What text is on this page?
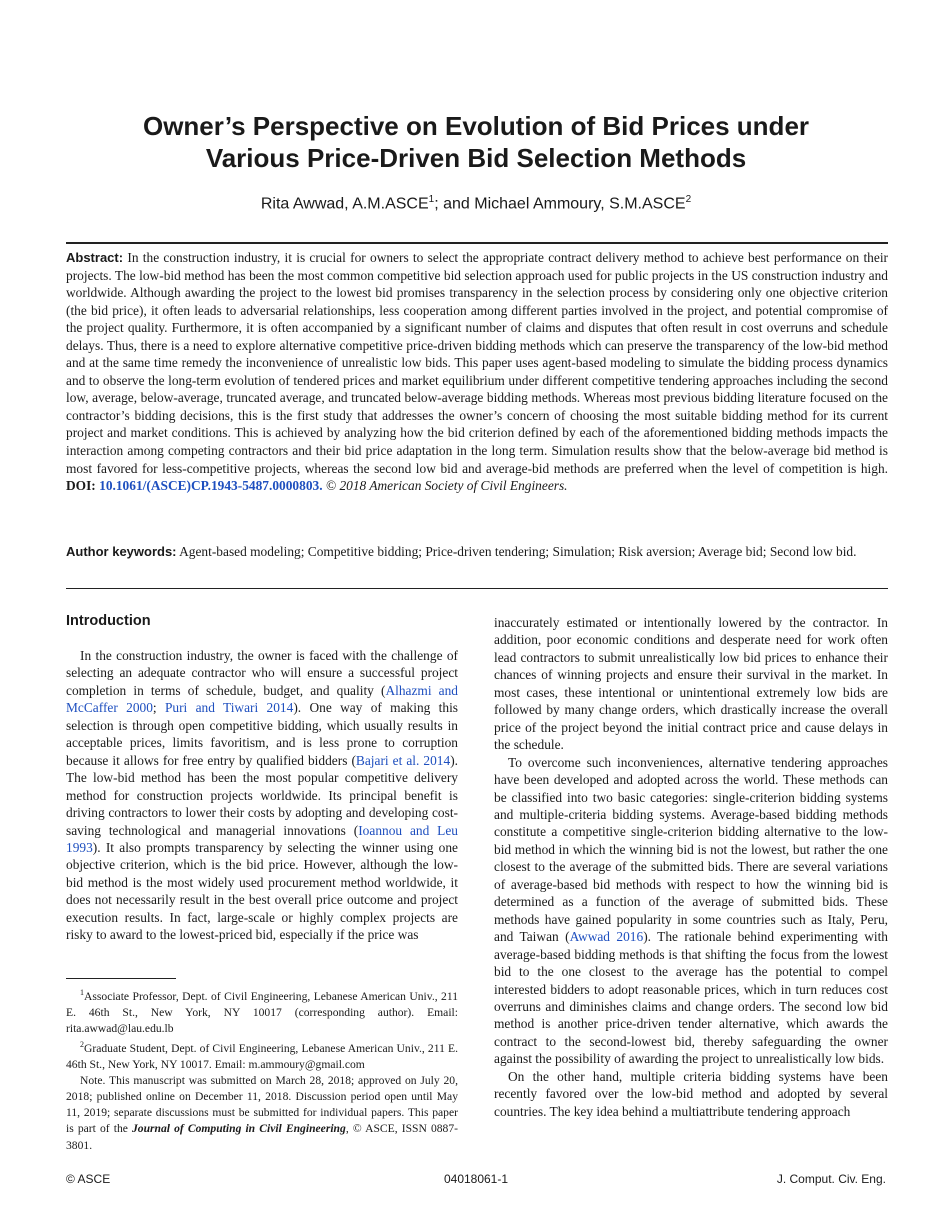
Owner’s Perspective on Evolution of Bid Prices under
Various Price-Driven Bid Selection Methods
Rita Awwad, A.M.ASCE$^1$; and Michael Ammoury, S.M.ASCE$^2$
Abstract: In the construction industry, it is crucial for owners to select the appropriate contract delivery method to achieve best performance on their projects. The low-bid method has been the most common competitive bid selection approach used for public projects in the US construction industry and worldwide. Although awarding the project to the lowest bid promises transparency in the selection process by considering only one objective criterion (the bid price), it often leads to adversarial relationships, less cooperation among different parties involved in the project, and potential compromise of the project quality. Furthermore, it is often accompanied by a significant number of claims and disputes that often result in cost overruns and schedule delays. Thus, there is a need to explore alternative competitive price-driven bidding methods which can preserve the transparency of the low-bid method and at the same time remedy the inconvenience of unrealistic low bids. This paper uses agent-based modeling to simulate the bidding process dynamics and to observe the long-term evolution of tendered prices and market equilibrium under different competitive tendering approaches including the second low, average, below-average, truncated average, and truncated below-average bidding methods. Whereas most previous bidding literature focused on the contractor’s bidding decisions, this is the first study that addresses the owner’s concern of choosing the most suitable bidding method for its current project and market conditions. This is achieved by analyzing how the bid criterion defined by each of the aforementioned bidding methods impacts the interaction among competing contractors and their bid price adaptation in the long term. Simulation results show that the below-average bid method is most favored for less-competitive projects, whereas the second low bid and average-bid methods are preferred when the level of competition is high. DOI: 10.1061/(ASCE)CP.1943-5487.0000803. © 2018 American Society of Civil Engineers.
Author keywords: Agent-based modeling; Competitive bidding; Price-driven tendering; Simulation; Risk aversion; Average bid; Second low bid.
Introduction

In the construction industry, the owner is faced with the challenge of selecting an adequate contractor who will ensure a successful project completion in terms of schedule, budget, and quality (Alhazmi and McCaffer 2000; Puri and Tiwari 2014). One way of making this selection is through open competitive bidding, which usually results in acceptable prices, limits favoritism, and is less prone to corruption because it allows for free entry by qualified bidders (Bajari et al. 2014). The low-bid method has been the most popular competitive delivery method for construction projects worldwide. Its principal benefit is driving contractors to lower their costs by adopting and developing cost-saving technological and managerial innovations (Ioannou and Leu 1993). It also prompts transparency by selecting the winner using one objective criterion, which is the bid price. However, although the low-bid method is the most widely used procurement method worldwide, it does not necessarily result in the best overall price outcome and project execution results. In fact, large-scale or highly complex projects are risky to award to the lowest-priced bid, especially if the price was

$^1$Associate Professor, Dept. of Civil Engineering, Lebanese American Univ., 211 E. 46th St., New York, NY 10017 (corresponding author). Email: rita.awwad@lau.edu.lb

$^2$Graduate Student, Dept. of Civil Engineering, Lebanese American Univ., 211 E. 46th St., New York, NY 10017. Email: m.ammoury@gmail.com

Note. This manuscript was submitted on March 28, 2018; approved on July 20, 2018; published online on December 11, 2018. Discussion period open until May 11, 2019; separate discussions must be submitted for individual papers. This paper is part of the Journal of Computing in Civil Engineering, © ASCE, ISSN 0887-3801.

inaccurately estimated or intentionally lowered by the contractor. In addition, poor economic conditions and desperate need for work often lead contractors to submit unrealistically low bid prices to enhance their chances of winning projects and ensure their survival in the market. In most cases, these intentional or unintentional extremely low bids are followed by many change orders, which drastically increase the overall price of the project beyond the initial contract price and cause delays in the schedule.

To overcome such inconveniences, alternative tendering approaches have been developed and adopted across the world. These methods can be classified into two basic categories: single-criterion bidding systems and multiple-criteria bidding systems. Average-based bidding methods constitute a competitive single-criterion bidding alternative to the low-bid method in which the winning bid is not the lowest, but rather the one closest to the average of the submitted bids. There are several variations of average-based bid methods with respect to how the winning bid is determined as a function of the average of submitted bids. These methods have gained popularity in some countries such as Italy, Peru, and Taiwan (Awwad 2016). The rationale behind experimenting with average-based bidding methods is that shifting the focus from the lowest bid to the one closest to the average has the potential to compel interested bidders to adopt reasonable prices, which in turn reduces cost overruns and diminishes claims and change orders. The second low bid method is another price-driven tender alternative, which awards the contract to the second-lowest bid, thereby safeguarding the owner against the possibility of awarding the project to unrealistically low bids.

On the other hand, multiple criteria bidding systems have been recently favored over the low-bid method and adopted by several countries. The key idea behind a multiattribute tendering approach

© ASCE	04018061-1	J. Comput. Civ. Eng.
